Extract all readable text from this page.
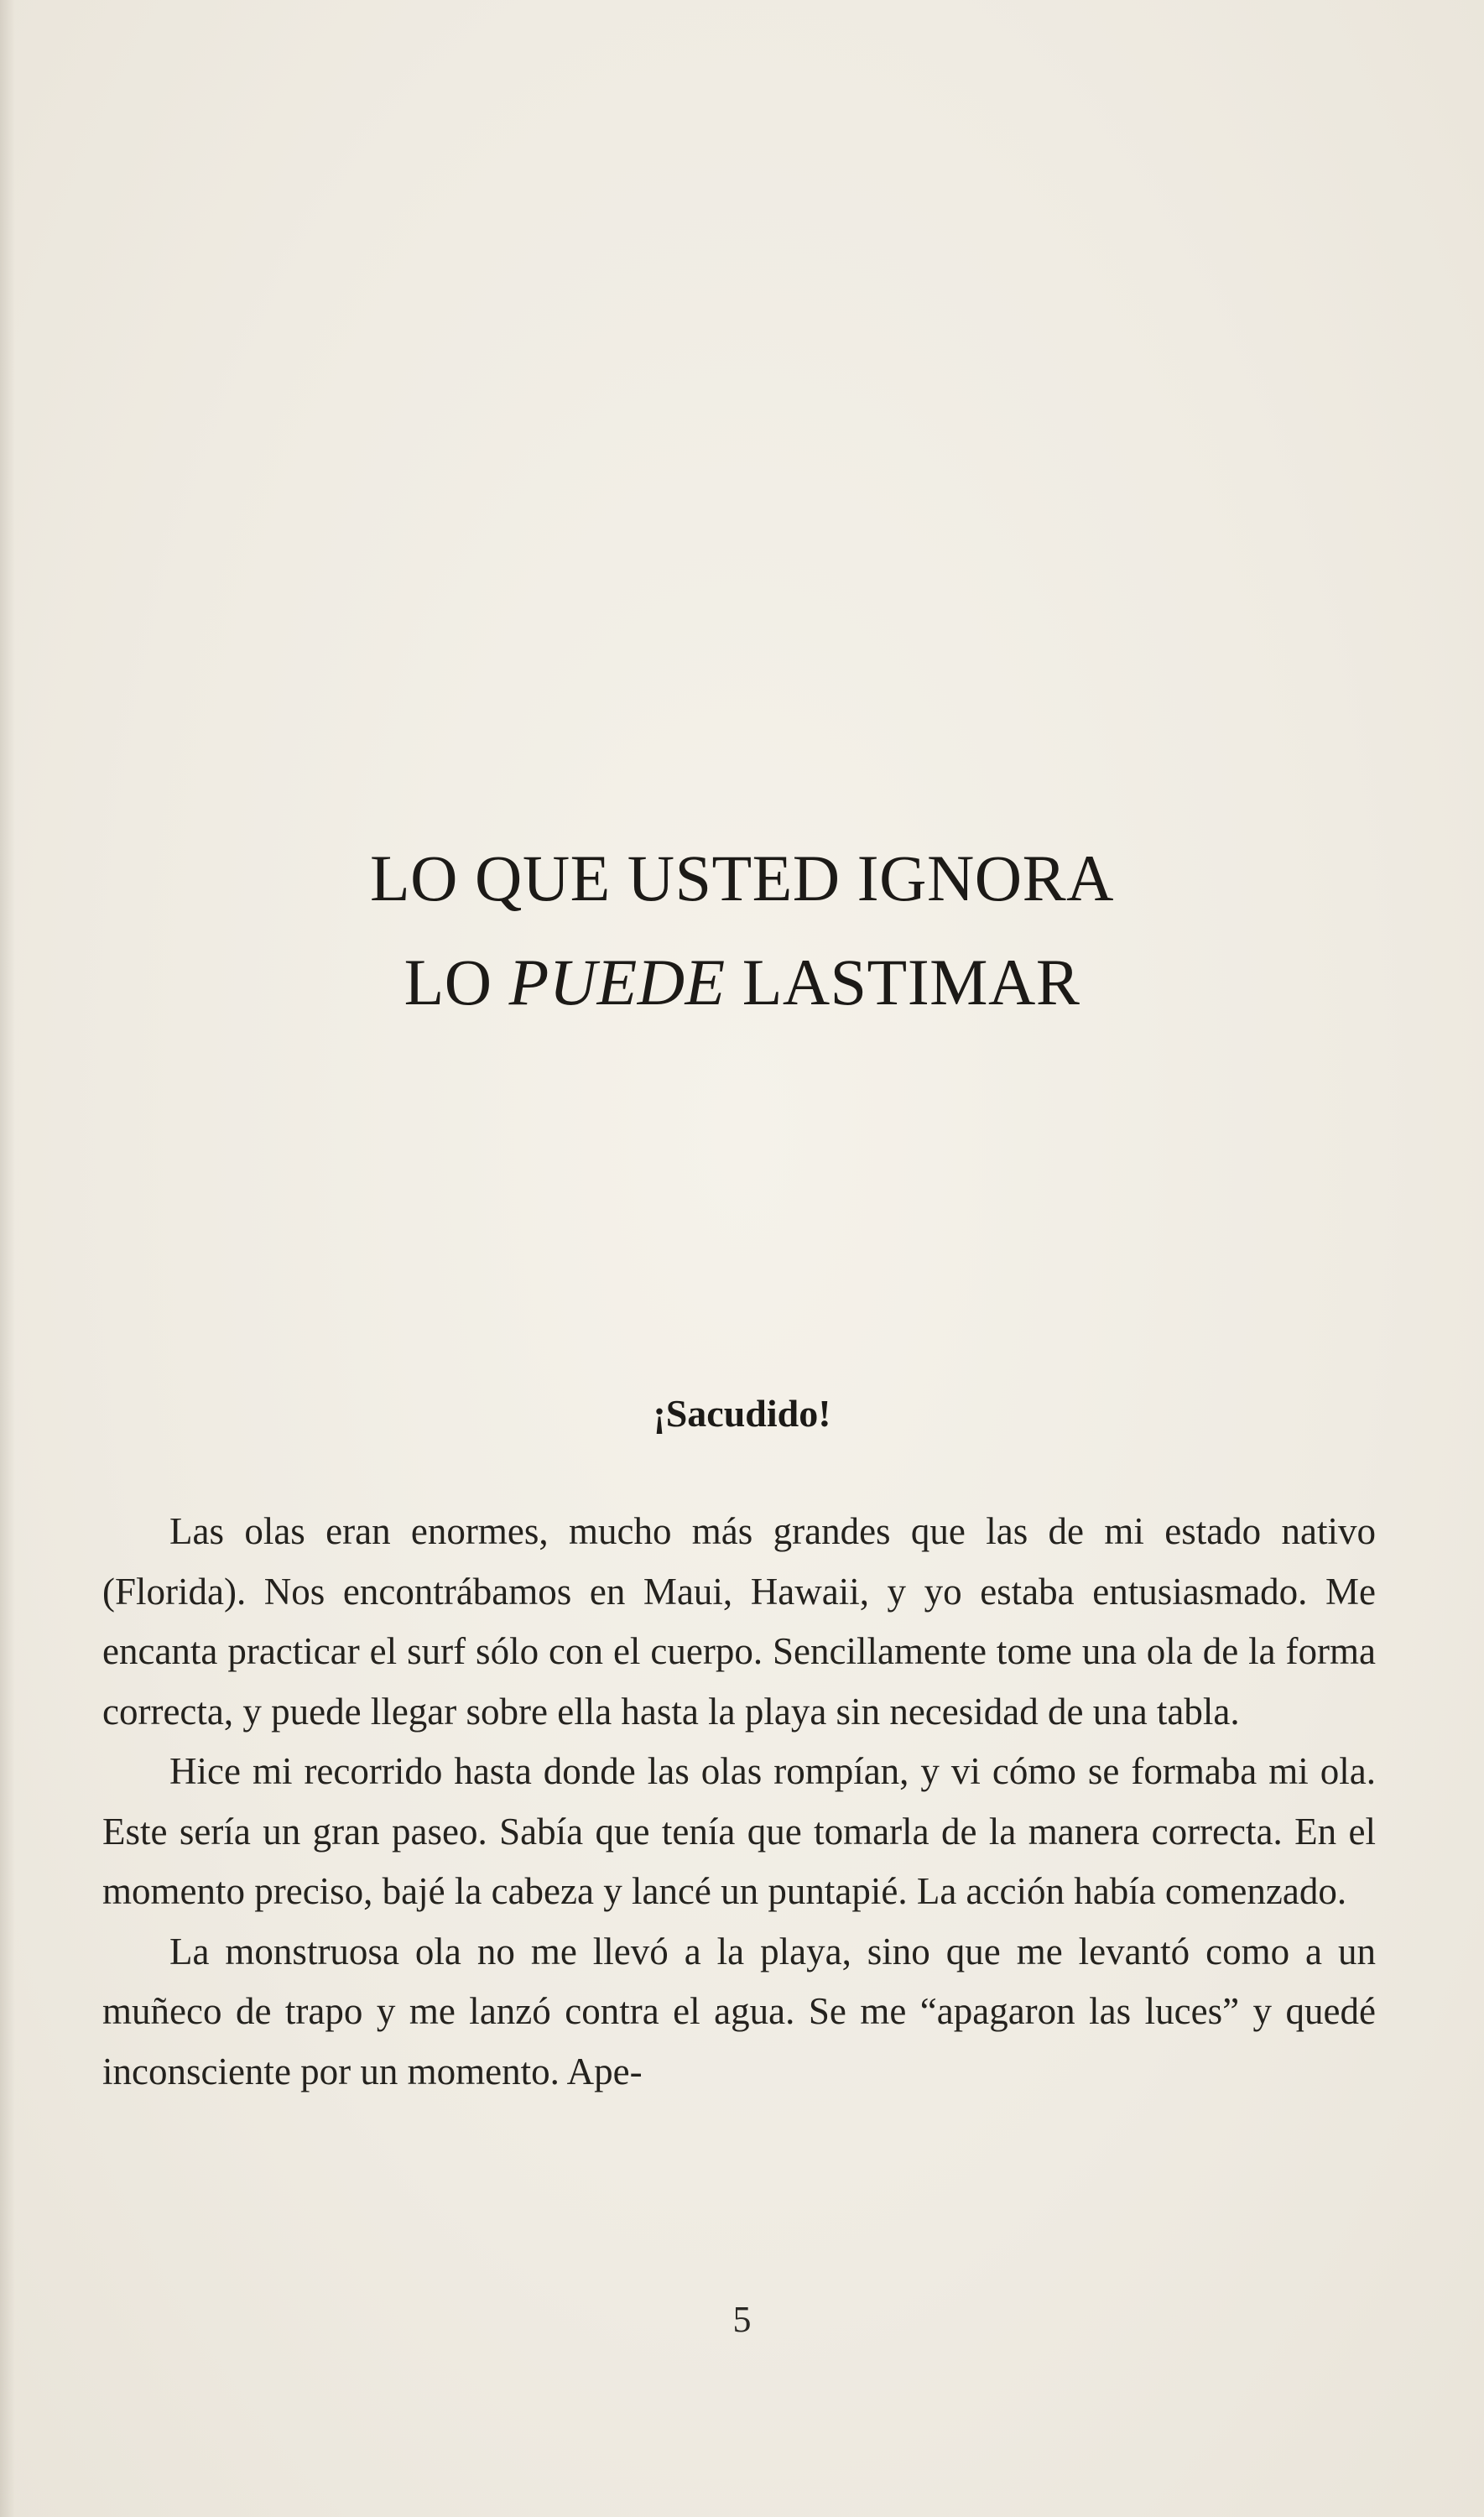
LO QUE USTED IGNORA
LO PUEDE LASTIMAR
¡Sacudido!

Las olas eran enormes, mucho más grandes que las de mi estado nativo (Florida). Nos encontrábamos en Maui, Hawaii, y yo estaba entusiasmado. Me encanta practicar el surf sólo con el cuerpo. Sencillamente tome una ola de la forma correcta, y puede llegar sobre ella hasta la playa sin necesidad de una tabla.

Hice mi recorrido hasta donde las olas rompían, y vi cómo se formaba mi ola. Este sería un gran paseo. Sabía que tenía que tomarla de la manera correcta. En el momento preciso, bajé la cabeza y lancé un puntapié. La acción había comenzado.

La monstruosa ola no me llevó a la playa, sino que me levantó como a un muñeco de trapo y me lanzó contra el agua. Se me “apagaron las luces” y quedé inconsciente por un momento. Ape-

5
